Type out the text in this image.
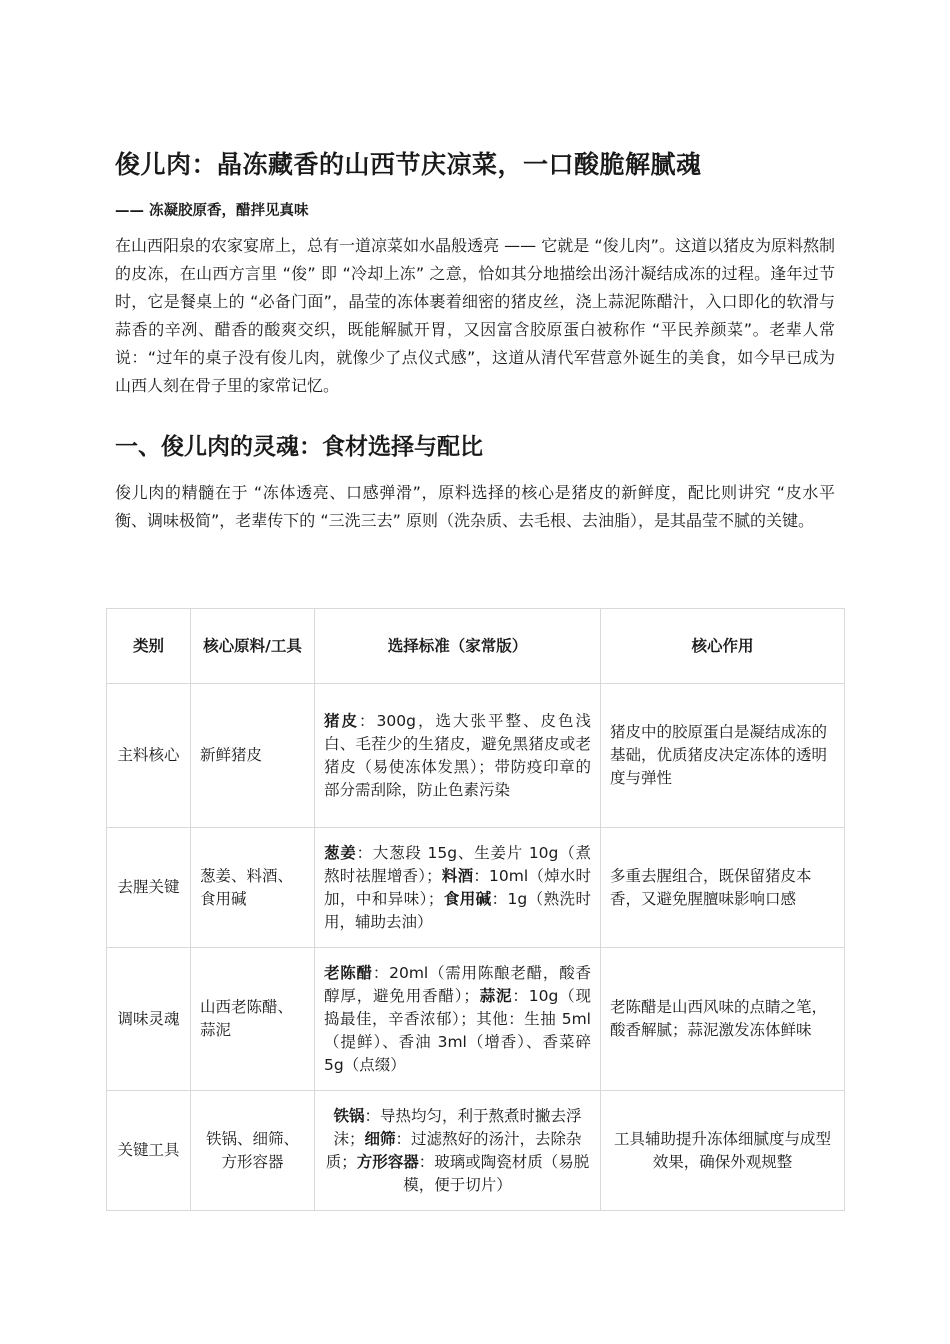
俊儿肉：晶冻藏香的山西节庆凉菜，一口酸脆解腻魂
—— 冻凝胶原香，醋拌见真味

在山西阳泉的农家宴席上，总有一道凉菜如水晶般透亮 —— 它就是 “俊儿肉”。这道以猪皮为原料熬制的皮冻，在山西方言里 “俊” 即 “冷却上冻” 之意，恰如其分地描绘出汤汁凝结成冻的过程。逢年过节时，它是餐桌上的 “必备门面”，晶莹的冻体裹着细密的猪皮丝，浇上蒜泥陈醋汁，入口即化的软滑与蒜香的辛冽、醋香的酸爽交织，既能解腻开胃，又因富含胶原蛋白被称作 “平民养颜菜”。老辈人常说：“过年的桌子没有俊儿肉，就像少了点仪式感”，这道从清代军营意外诞生的美食，如今早已成为山西人刻在骨子里的家常记忆。

一、俊儿肉的灵魂：食材选择与配比

俊儿肉的精髓在于 “冻体透亮、口感弹滑”，原料选择的核心是猪皮的新鲜度，配比则讲究 “皮水平衡、调味极简”，老辈传下的 “三洗三去” 原则（洗杂质、去毛根、去油脂），是其晶莹不腻的关键。

类别	核心原料/工具	选择标准（家常版）	核心作用
主料核心	新鲜猪皮	猪皮：300g，选大张平整、皮色浅白、毛茬少的生猪皮，避免黑猪皮或老猪皮（易使冻体发黑）；带防疫印章的部分需刮除，防止色素污染	猪皮中的胶原蛋白是凝结成冻的基础，优质猪皮决定冻体的透明度与弹性
去腥关键	葱姜、料酒、食用碱	葱姜：大葱段 15g、生姜片 10g（煮熬时祛腥增香）；料酒：10ml（焯水时加，中和异味）；食用碱：1g（熟洗时用，辅助去油）	多重去腥组合，既保留猪皮本香，又避免腥膻味影响口感
调味灵魂	山西老陈醋、蒜泥	老陈醋：20ml（需用陈酿老醋，酸香醇厚，避免用香醋）；蒜泥：10g（现捣最佳，辛香浓郁）；其他：生抽 5ml（提鲜）、香油 3ml（增香）、香菜碎 5g（点缀）	老陈醋是山西风味的点睛之笔，酸香解腻；蒜泥激发冻体鲜味
关键工具	铁锅、细筛、方形容器	铁锅：导热均匀，利于熬煮时撇去浮沫；细筛：过滤熬好的汤汁，去除杂质；方形容器：玻璃或陶瓷材质（易脱模，便于切片）	工具辅助提升冻体细腻度与成型效果，确保外观规整
